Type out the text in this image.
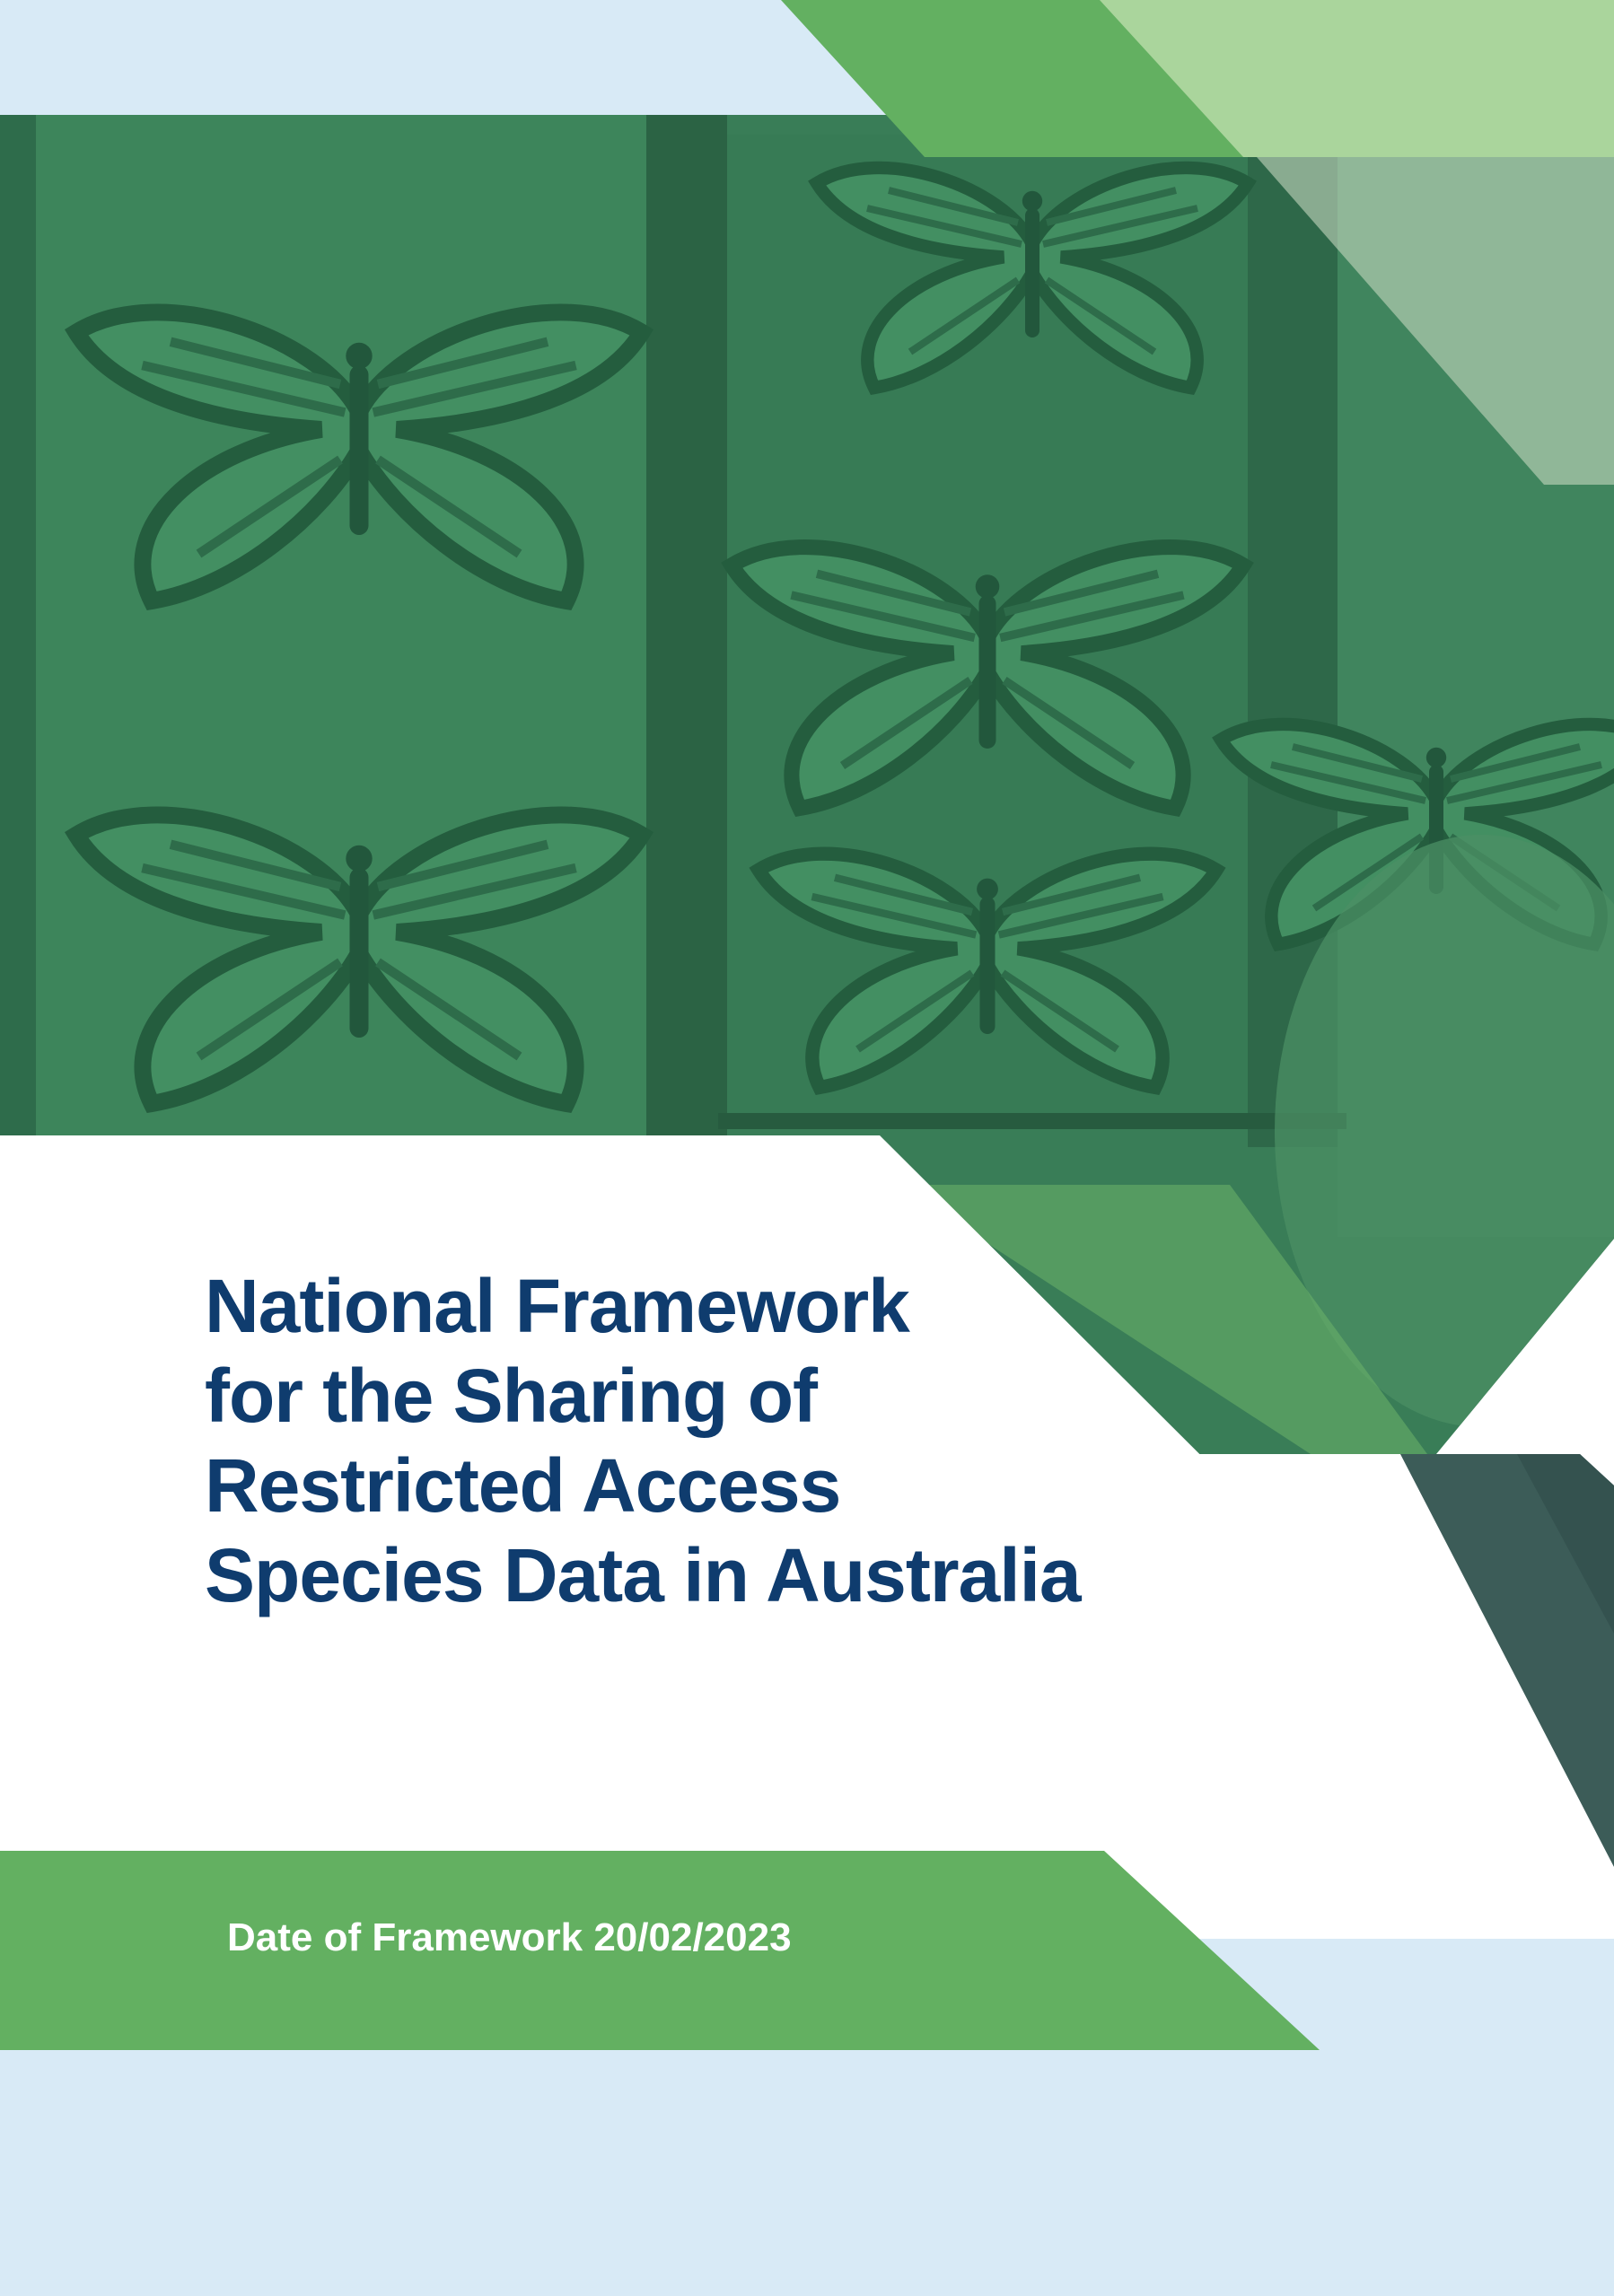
National Framework
for the Sharing of
Restricted Access
Species Data in Australia
Date of Framework 20/02/2023
